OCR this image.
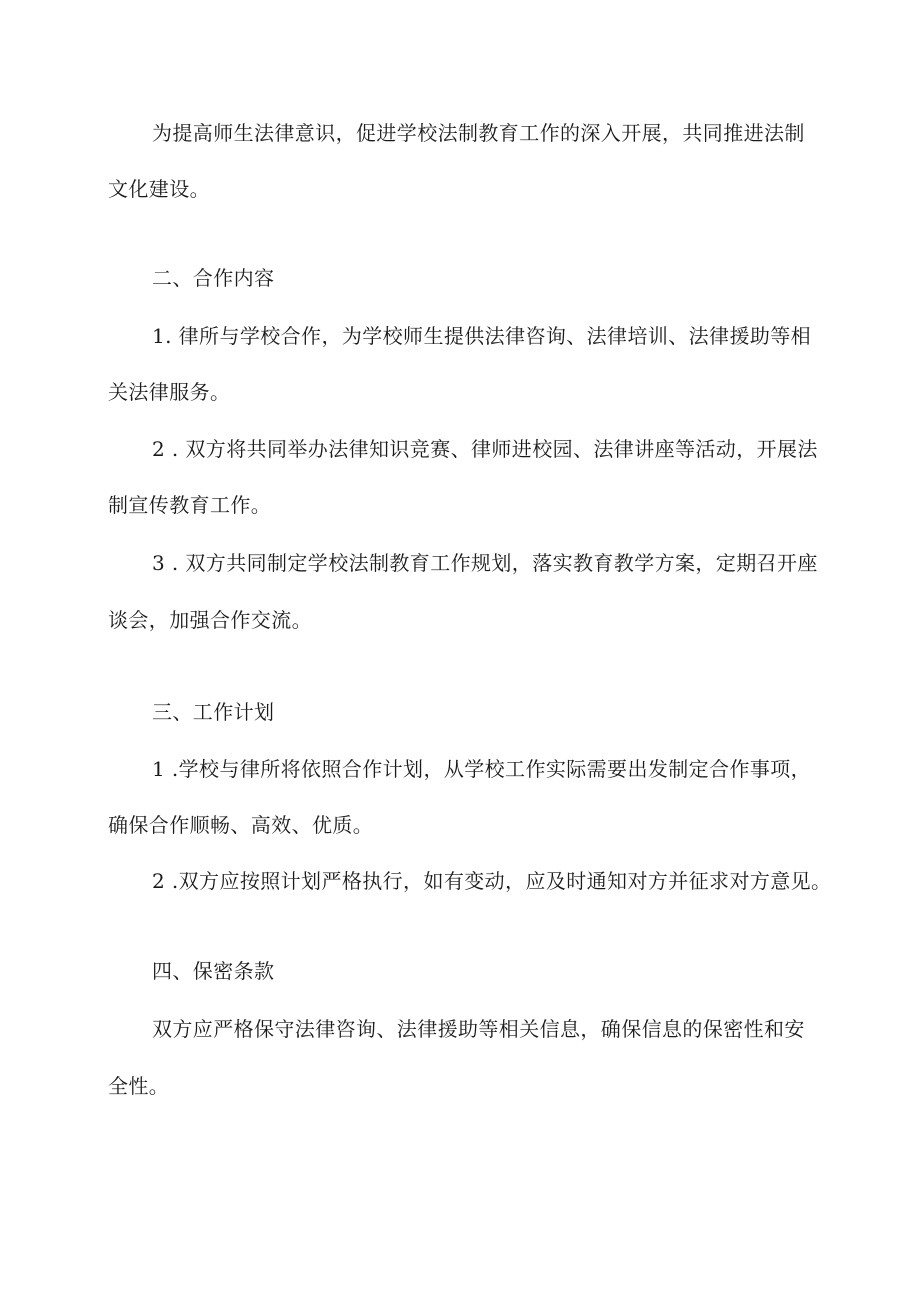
为提高师生法律意识，促进学校法制教育工作的深入开展，共同推进法制
文化建设。
二、合作内容
1. 律所与学校合作，为学校师生提供法律咨询、法律培训、法律援助等相
关法律服务。
2 . 双方将共同举办法律知识竞赛、律师进校园、法律讲座等活动，开展法
制宣传教育工作。
3 . 双方共同制定学校法制教育工作规划，落实教育教学方案，定期召开座
谈会，加强合作交流。
三、工作计划
1 .学校与律所将依照合作计划，从学校工作实际需要出发制定合作事项，
确保合作顺畅、高效、优质。
2 .双方应按照计划严格执行，如有变动，应及时通知对方并征求对方意见。
四、保密条款
双方应严格保守法律咨询、法律援助等相关信息，确保信息的保密性和安
全性。
